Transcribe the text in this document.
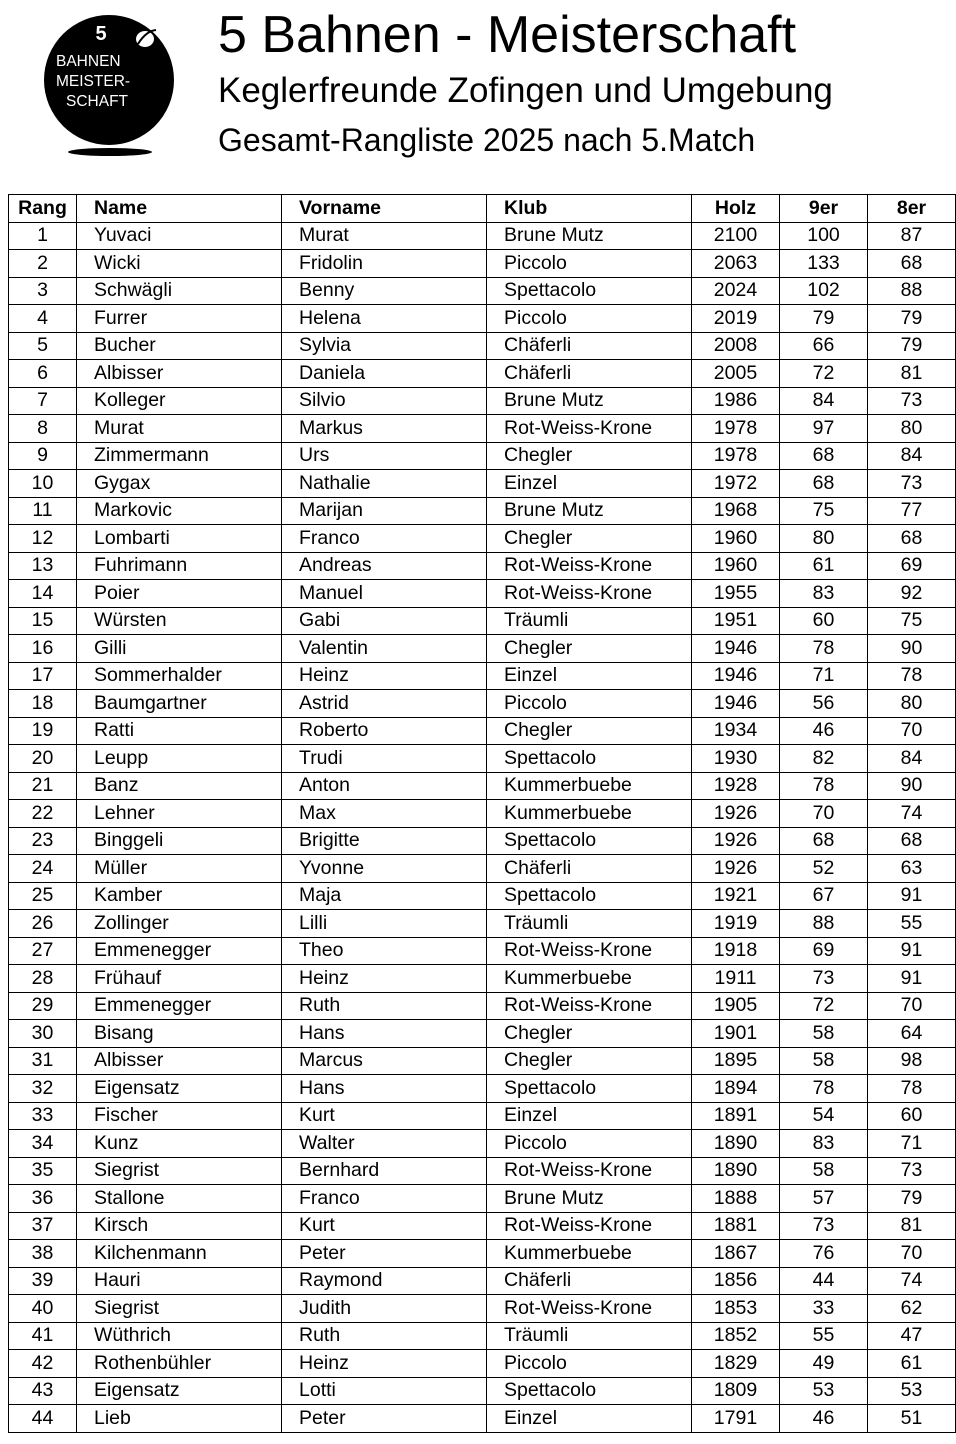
5
BAHNEN
MEISTER-
SCHAFT
5 Bahnen - Meisterschaft
Keglerfreunde Zofingen und Umgebung
Gesamt-Rangliste 2025 nach 5.Match
Rang	Name	Vorname	Klub	Holz	9er	8er
1	Yuvaci	Murat	Brune Mutz	2100	100	87
2	Wicki	Fridolin	Piccolo	2063	133	68
3	Schwägli	Benny	Spettacolo	2024	102	88
4	Furrer	Helena	Piccolo	2019	79	79
5	Bucher	Sylvia	Chäferli	2008	66	79
6	Albisser	Daniela	Chäferli	2005	72	81
7	Kolleger	Silvio	Brune Mutz	1986	84	73
8	Murat	Markus	Rot-Weiss-Krone	1978	97	80
9	Zimmermann	Urs	Chegler	1978	68	84
10	Gygax	Nathalie	Einzel	1972	68	73
11	Markovic	Marijan	Brune Mutz	1968	75	77
12	Lombarti	Franco	Chegler	1960	80	68
13	Fuhrimann	Andreas	Rot-Weiss-Krone	1960	61	69
14	Poier	Manuel	Rot-Weiss-Krone	1955	83	92
15	Würsten	Gabi	Träumli	1951	60	75
16	Gilli	Valentin	Chegler	1946	78	90
17	Sommerhalder	Heinz	Einzel	1946	71	78
18	Baumgartner	Astrid	Piccolo	1946	56	80
19	Ratti	Roberto	Chegler	1934	46	70
20	Leupp	Trudi	Spettacolo	1930	82	84
21	Banz	Anton	Kummerbuebe	1928	78	90
22	Lehner	Max	Kummerbuebe	1926	70	74
23	Binggeli	Brigitte	Spettacolo	1926	68	68
24	Müller	Yvonne	Chäferli	1926	52	63
25	Kamber	Maja	Spettacolo	1921	67	91
26	Zollinger	Lilli	Träumli	1919	88	55
27	Emmenegger	Theo	Rot-Weiss-Krone	1918	69	91
28	Frühauf	Heinz	Kummerbuebe	1911	73	91
29	Emmenegger	Ruth	Rot-Weiss-Krone	1905	72	70
30	Bisang	Hans	Chegler	1901	58	64
31	Albisser	Marcus	Chegler	1895	58	98
32	Eigensatz	Hans	Spettacolo	1894	78	78
33	Fischer	Kurt	Einzel	1891	54	60
34	Kunz	Walter	Piccolo	1890	83	71
35	Siegrist	Bernhard	Rot-Weiss-Krone	1890	58	73
36	Stallone	Franco	Brune Mutz	1888	57	79
37	Kirsch	Kurt	Rot-Weiss-Krone	1881	73	81
38	Kilchenmann	Peter	Kummerbuebe	1867	76	70
39	Hauri	Raymond	Chäferli	1856	44	74
40	Siegrist	Judith	Rot-Weiss-Krone	1853	33	62
41	Wüthrich	Ruth	Träumli	1852	55	47
42	Rothenbühler	Heinz	Piccolo	1829	49	61
43	Eigensatz	Lotti	Spettacolo	1809	53	53
44	Lieb	Peter	Einzel	1791	46	51
